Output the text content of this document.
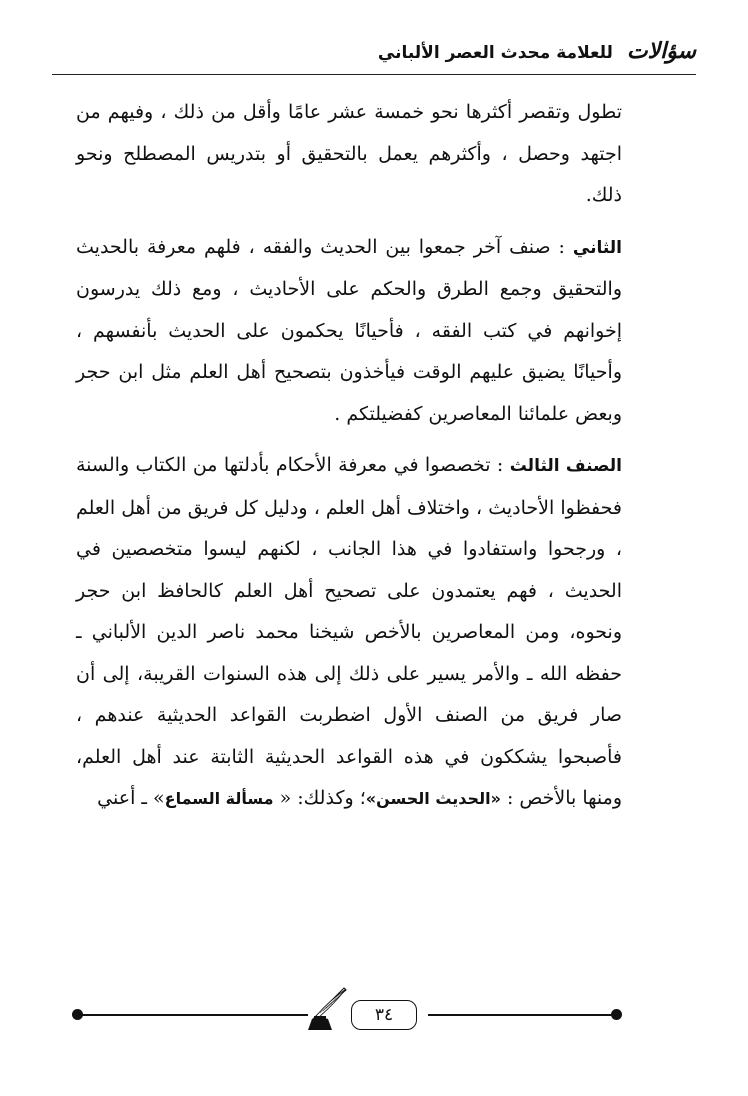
سؤالات للعلامة محدث العصر الألباني

تطول وتقصر أكثرها نحو خمسة عشر عامًا وأقل من ذلك ، وفيهم من اجتهد وحصل ، وأكثرهم يعمل بالتحقيق أو بتدريس المصطلح ونحو ذلك.

الثاني : صنف آخر جمعوا بين الحديث والفقه ، فلهم معرفة بالحديث والتحقيق وجمع الطرق والحكم على الأحاديث ، ومع ذلك يدرسون إخوانهم في كتب الفقه ، فأحيانًا يحكمون على الحديث بأنفسهم ، وأحيانًا يضيق عليهم الوقت فيأخذون بتصحيح أهل العلم مثل ابن حجر وبعض علمائنا المعاصرين كفضيلتكم .

الصنف الثالث : تخصصوا في معرفة الأحكام بأدلتها من الكتاب والسنة فحفظوا الأحاديث ، واختلاف أهل العلم ، ودليل كل فريق من أهل العلم ، ورجحوا واستفادوا في هذا الجانب ، لكنهم ليسوا متخصصين في الحديث ، فهم يعتمدون على تصحيح أهل العلم كالحافظ ابن حجر ونحوه، ومن المعاصرين بالأخص شيخنا محمد ناصر الدين الألباني ـ حفظه الله ـ والأمر يسير على ذلك إلى هذه السنوات القريبة، إلى أن صار فريق من الصنف الأول اضطربت القواعد الحديثية عندهم ، فأصبحوا يشككون في هذه القواعد الحديثية الثابتة عند أهل العلم، ومنها بالأخص : «الحديث الحسن»؛ وكذلك: « مسألة السماع» ـ أعني

٣٤
